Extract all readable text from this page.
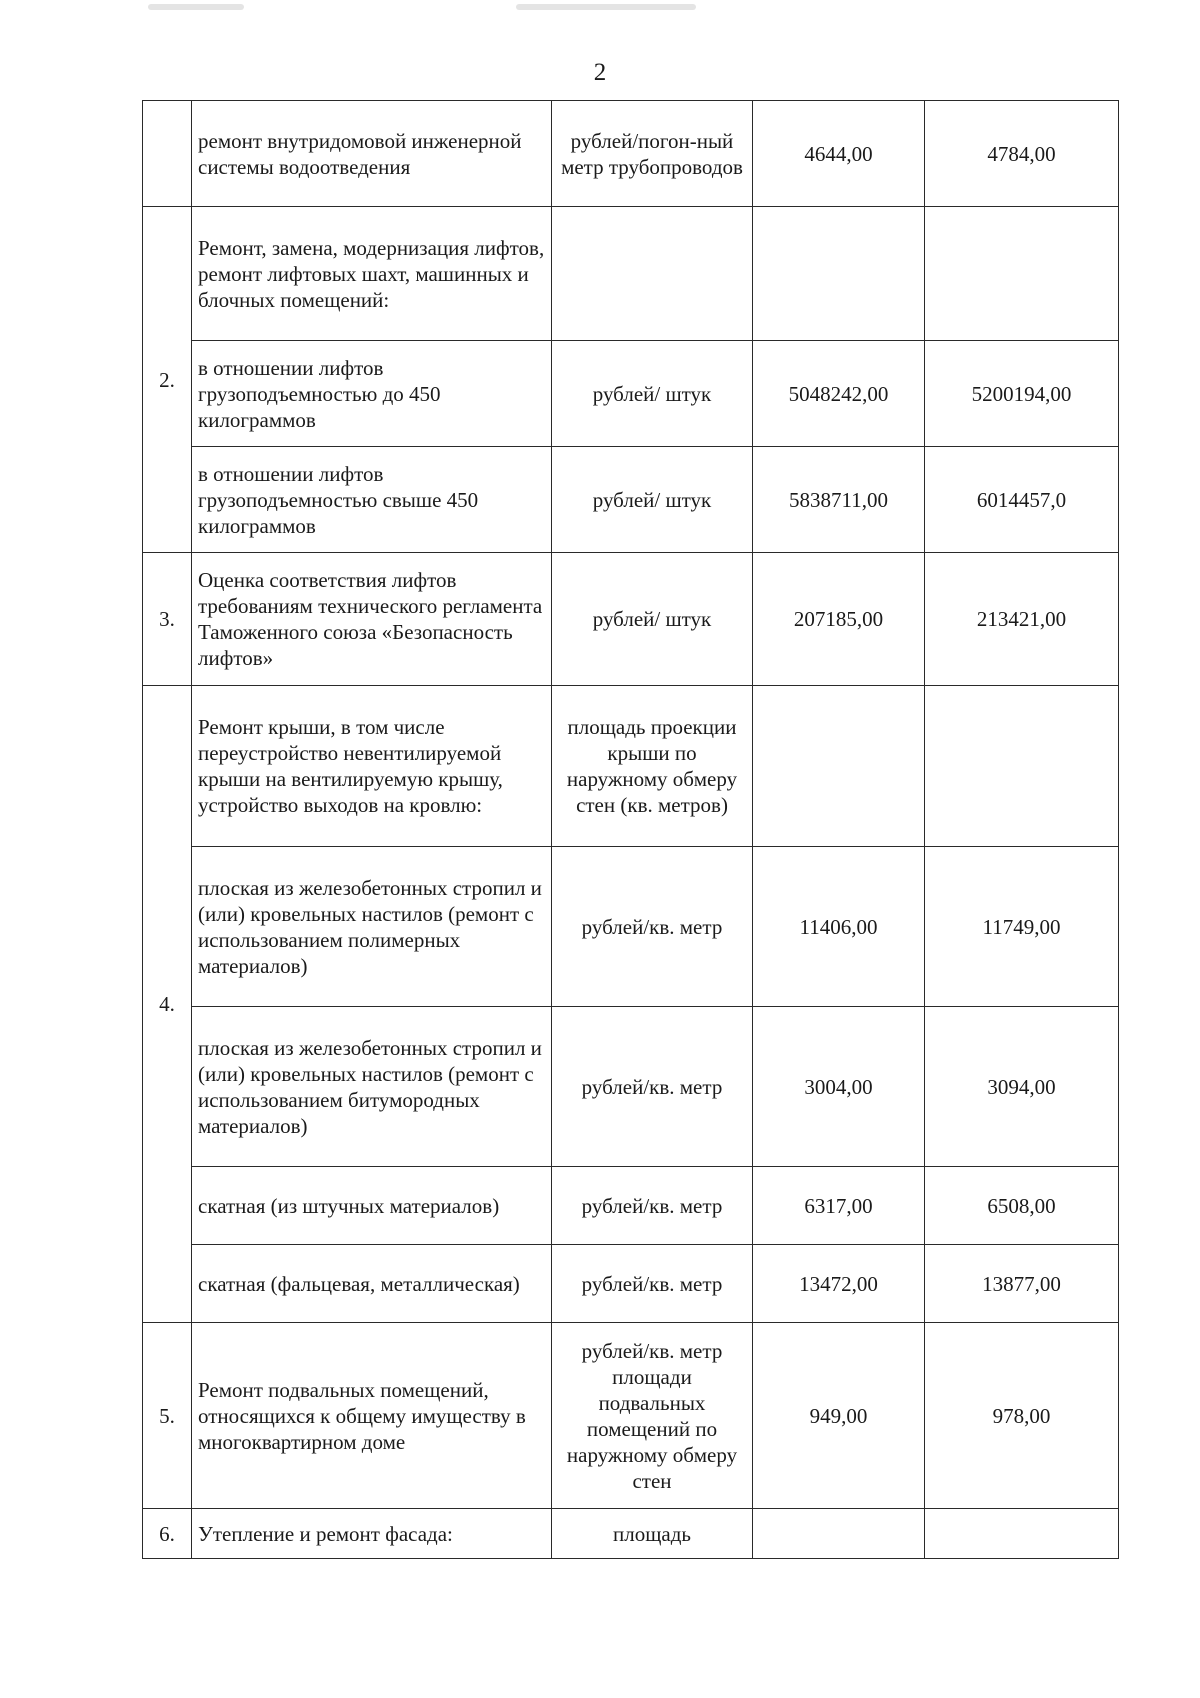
2
	ремонт внутридомовой инженерной системы водоотведения	рублей/погон-ный метр трубопроводов	4644,00	4784,00
2.	Ремонт, замена, модернизация лифтов, ремонт лифтовых шахт, машинных и блочных помещений:			
	в отношении лифтов грузоподъемностью до 450 килограммов	рублей/ штук	5048242,00	5200194,00
	в отношении лифтов грузоподъемностью свыше 450 килограммов	рублей/ штук	5838711,00	6014457,0
3.	Оценка соответствия лифтов требованиям технического регламента Таможенного союза «Безопасность лифтов»	рублей/ штук	207185,00	213421,00
4.	Ремонт крыши, в том числе переустройство невентилируемой крыши на вентилируемую крышу, устройство выходов на кровлю:	площадь проекции крыши по наружному обмеру стен (кв. метров)		
	плоская из железобетонных стропил и (или) кровельных настилов (ремонт с использованием полимерных материалов)	рублей/кв. метр	11406,00	11749,00
	плоская из железобетонных стропил и (или) кровельных настилов (ремонт с использованием битумородных материалов)	рублей/кв. метр	3004,00	3094,00
	скатная (из штучных материалов)	рублей/кв. метр	6317,00	6508,00
	скатная (фальцевая, металлическая)	рублей/кв. метр	13472,00	13877,00
5.	Ремонт подвальных помещений, относящихся к общему имуществу в многоквартирном доме	рублей/кв. метр площади подвальных помещений по наружному обмеру стен	949,00	978,00
6.	Утепление и ремонт фасада:	площадь		
